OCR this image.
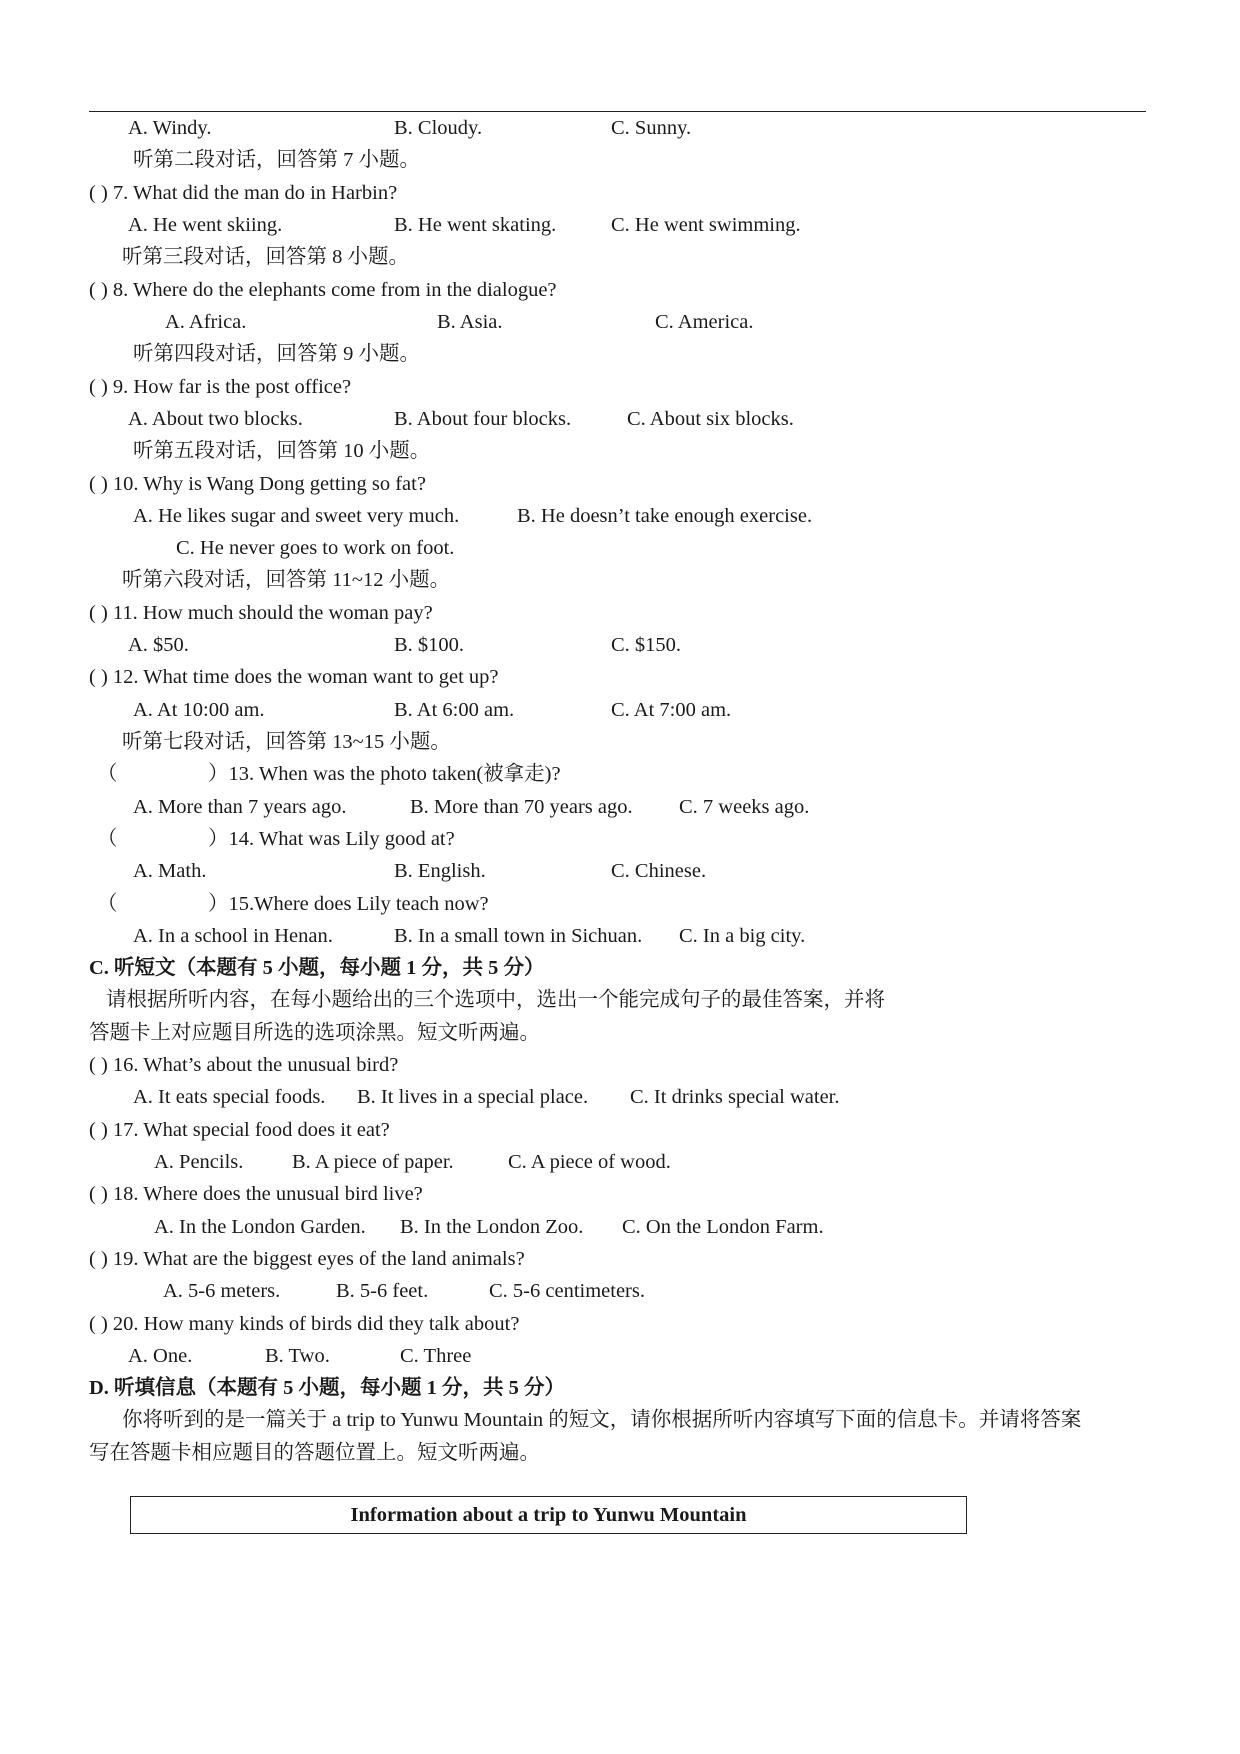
A. Windy.	B. Cloudy.	C. Sunny.
听第二段对话，回答第 7 小题。
( ) 7. What did the man do in Harbin?
A. He went skiing.	B. He went skating.	C. He went swimming.
听第三段对话，回答第 8 小题。
( ) 8. Where do the elephants come from in the dialogue?
A. Africa.	B. Asia.	C. America.
听第四段对话，回答第 9 小题。
( ) 9. How far is the post office?
A. About two blocks.	B. About four blocks.	C. About six blocks.
听第五段对话，回答第 10 小题。
( ) 10. Why is Wang Dong getting so fat?
A. He likes sugar and sweet very much.	B. He doesn’t take enough exercise.
C. He never goes to work on foot.
听第六段对话，回答第 11~12 小题。
( ) 11. How much should the woman pay?
A. $50.	B. $100.	C. $150.
( ) 12. What time does the woman want to get up?
A. At 10:00 am.	B. At 6:00 am.	C. At 7:00 am.
听第七段对话，回答第 13~15 小题。
（	）13. When was the photo taken(被拿走)?
A. More than 7 years ago.	B. More than 70 years ago. C. 7 weeks ago.
（	）14. What was Lily good at?
A. Math.	B. English.	C. Chinese.
（	）15.Where does Lily teach now?
A. In a school in Henan.	B. In a small town in Sichuan. C. In a big city.
C. 听短文（本题有 5 小题，每小题 1 分，共 5 分）
请根据所听内容，在每小题给出的三个选项中，选出一个能完成句子的最佳答案，并将
答题卡上对应题目所选的选项涂黑。短文听两遍。
( ) 16. What’s about the unusual bird?
A. It eats special foods. B. It lives in a special place. C. It drinks special water.
( ) 17. What special food does it eat?
A. Pencils. B. A piece of paper.	C. A piece of wood.
( ) 18. Where does the unusual bird live?
A. In the London Garden. B. In the London Zoo. C. On the London Farm.
( ) 19. What are the biggest eyes of the land animals?
A. 5-6 meters.	B. 5-6 feet.	C. 5-6 centimeters.
( ) 20. How many kinds of birds did they talk about?
A. One.	B. Two.	C. Three
D. 听填信息（本题有 5 小题，每小题 1 分，共 5 分）
你将听到的是一篇关于 a trip to Yunwu Mountain 的短文，请你根据所听内容填写下面的信息卡。并请将答案
写在答题卡相应题目的答题位置上。短文听两遍。
Information about a trip to Yunwu Mountain
